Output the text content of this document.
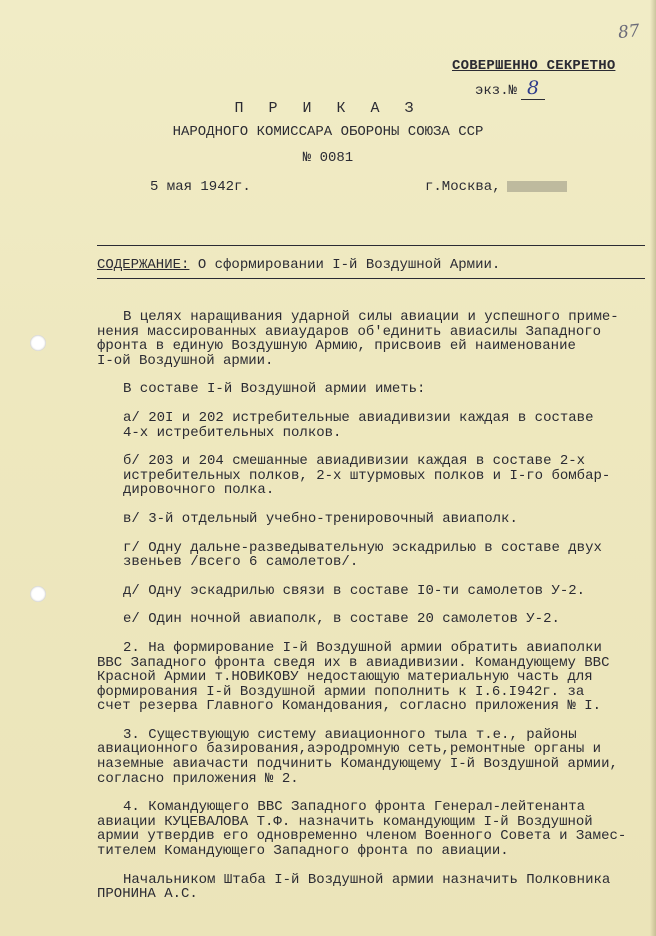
87
СОВЕРШЕННО СЕКРЕТНО
экз.№ 8
П Р И К А З
НАРОДНОГО КОМИССАРА ОБОРОНЫ СОЮЗА ССР
№ 0081
5 мая 1942г.	г.Москва,
СОДЕРЖАНИЕ: О сформировании I-й Воздушной Армии.

В целях наращивания ударной силы авиации и успешного приме-
нения массированных авиаударов об'единить авиасилы Западного
фронта в единую Воздушную Армию, присвоив ей наименование
I-ой Воздушной армии.

В составе I-й Воздушной армии иметь:

а/ 20I и 202 истребительные авиадивизии каждая в составе
4-х истребительных полков.

б/ 203 и 204 смешанные авиадивизии каждая в составе 2-х
истребительных полков, 2-х штурмовых полков и I-го бомбар-
дировочного полка.

в/ 3-й отдельный учебно-тренировочный авиаполк.

г/ Одну дальне-разведывательную эскадрилью в составе двух
звеньев /всего 6 самолетов/.

д/ Одну эскадрилью связи в составе I0-ти самолетов У-2.

е/ Один ночной авиаполк, в составе 20 самолетов У-2.

2. На формирование I-й Воздушной армии обратить авиаполки
ВВС Западного фронта сведя их в авиадивизии. Командующему ВВС
Красной Армии т.НОВИКОВУ недостающую материальную часть для
формирования I-й Воздушной армии пополнить к I.6.I942г. за
счет резерва Главного Командования, согласно приложения № I.

3. Существующую систему авиационного тыла т.е., районы
авиационного базирования,аэродромную сеть,ремонтные органы и
наземные авиачасти подчинить Командующему I-й Воздушной армии,
согласно приложения № 2.

4. Командующего ВВС Западного фронта Генерал-лейтенанта
авиации КУЦЕВАЛОВА Т.Ф. назначить командующим I-й Воздушной
армии утвердив его одновременно членом Военного Совета и Замес-
тителем Командующего Западного фронта по авиации.

Начальником Штаба I-й Воздушной армии назначить Полковника
ПРОНИНА А.С.
